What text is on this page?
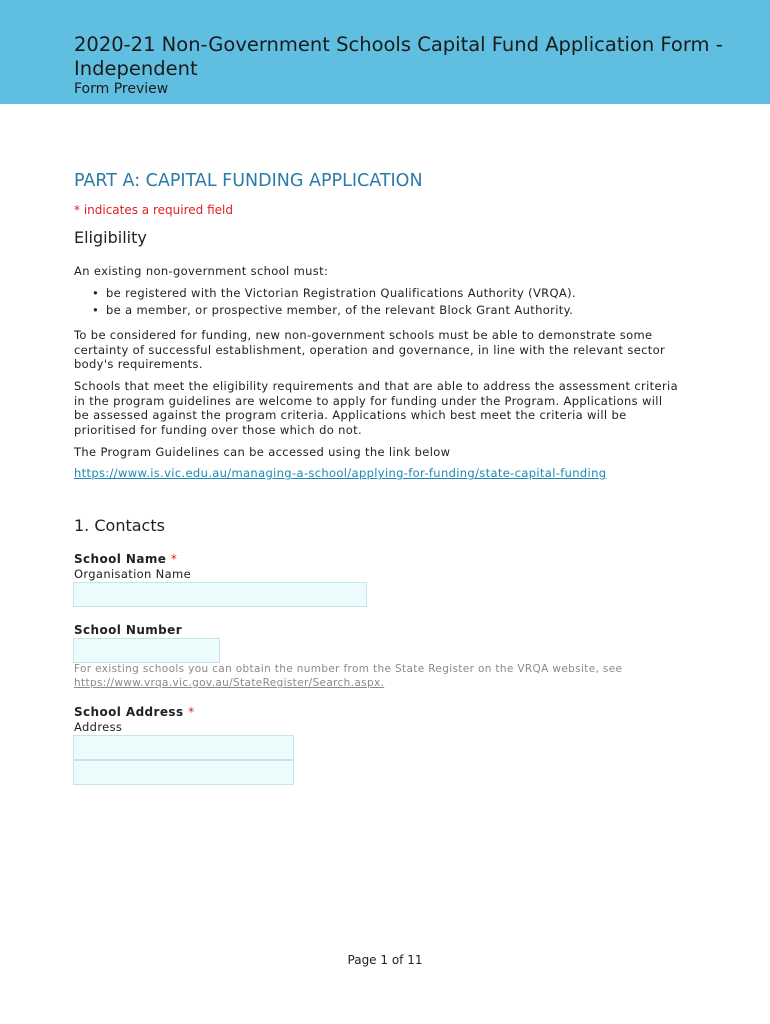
2020-21 Non-Government Schools Capital Fund Application Form - Independent
Form Preview
PART A: CAPITAL FUNDING APPLICATION
* indicates a required field
Eligibility
An existing non-government school must:
• be registered with the Victorian Registration Qualifications Authority (VRQA).
• be a member, or prospective member, of the relevant Block Grant Authority.
To be considered for funding, new non-government schools must be able to demonstrate some certainty of successful establishment, operation and governance, in line with the relevant sector body's requirements.
Schools that meet the eligibility requirements and that are able to address the assessment criteria in the program guidelines are welcome to apply for funding under the Program. Applications will be assessed against the program criteria. Applications which best meet the criteria will be prioritised for funding over those which do not.
The Program Guidelines can be accessed using the link below
https://www.is.vic.edu.au/managing-a-school/applying-for-funding/state-capital-funding
1. Contacts
School Name *
Organisation Name
School Number
For existing schools you can obtain the number from the State Register on the VRQA website, see
https://www.vrqa.vic.gov.au/StateRegister/Search.aspx.
School Address *
Address
Page 1 of 11
